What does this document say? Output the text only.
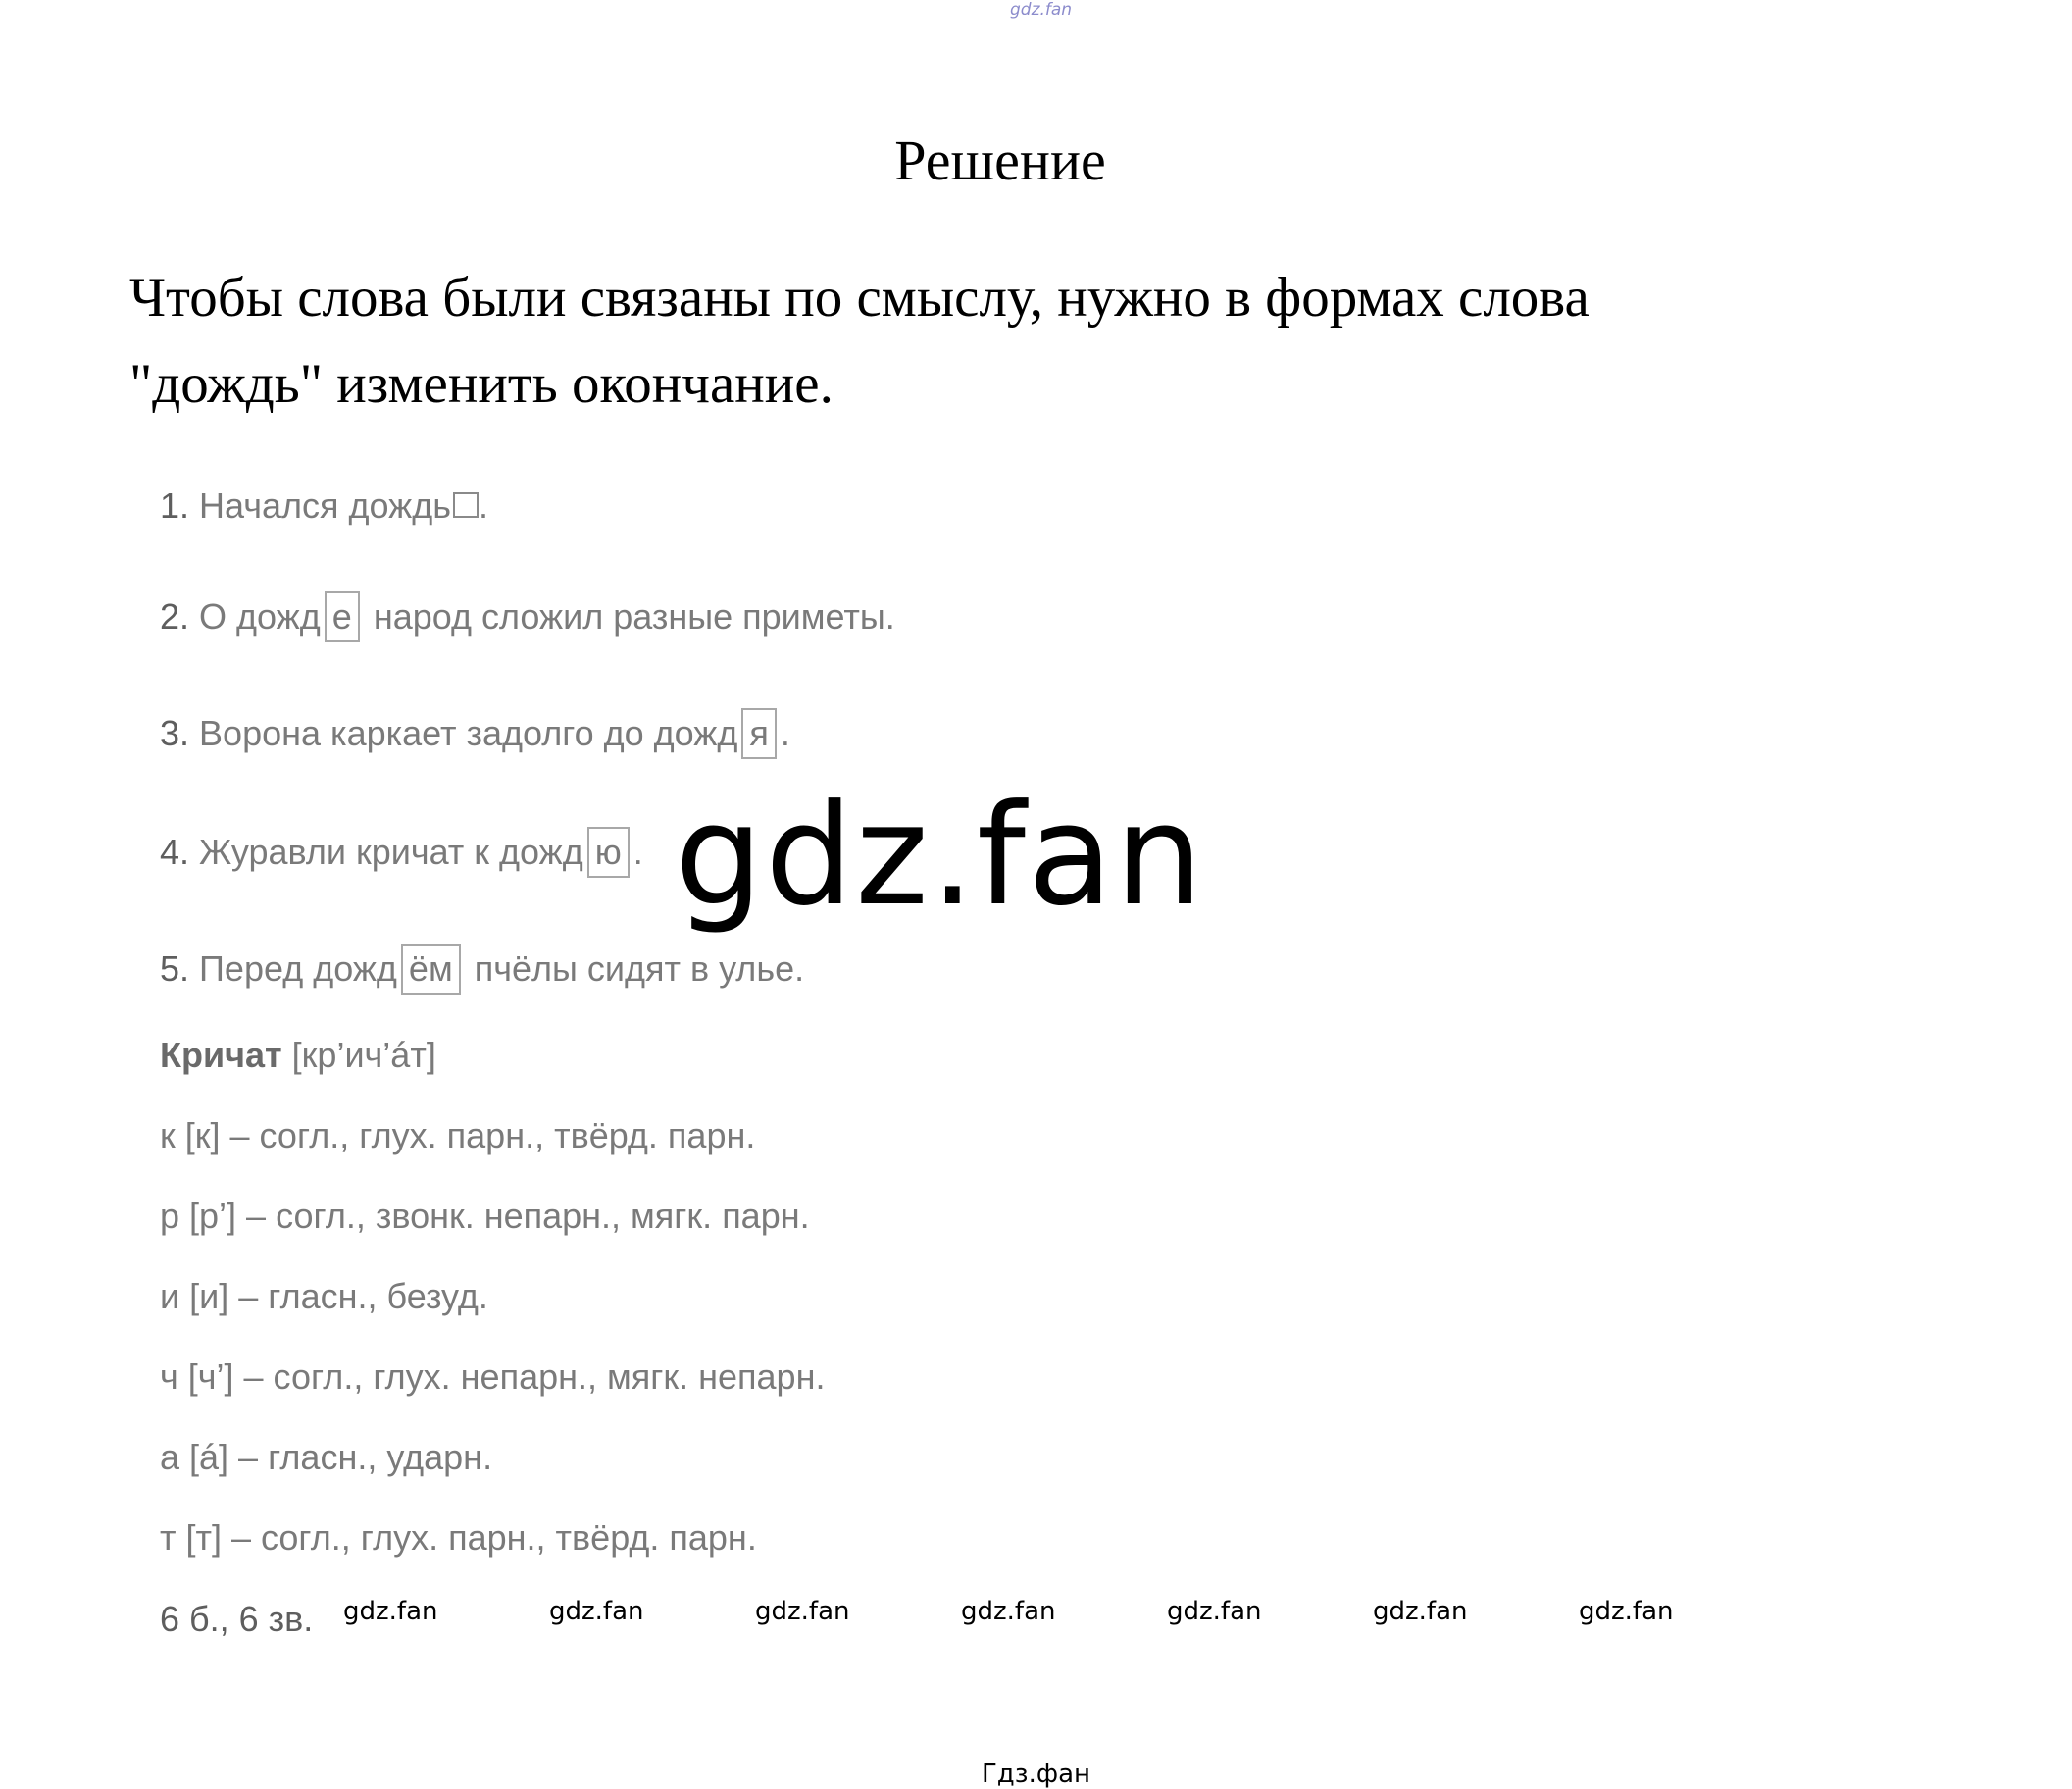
gdz.fan
Решение
Чтобы слова были связаны по смыслу, нужно в формах слова
"дождь" изменить окончание.
1. Начался дождь .
2. О дожд е народ сложил разные приметы.
3. Ворона каркает задолго до дожд я .
4. Журавли кричат к дожд ю .
5. Перед дожд ём пчёлы сидят в улье.
Кричат [кр’ич’áт]
к [к] – согл., глух. парн., твёрд. парн.
р [р’] – согл., звонк. непарн., мягк. парн.
и [и] – гласн., безуд.
ч [ч’] – согл., глух. непарн., мягк. непарн.
а [á] – гласн., ударн.
т [т] – согл., глух. парн., твёрд. парн.
6 б., 6 зв.
gdz.fan
gdz.fan	gdz.fan	gdz.fan	gdz.fan	gdz.fan	gdz.fan	gdz.fan
Гдз.фан
